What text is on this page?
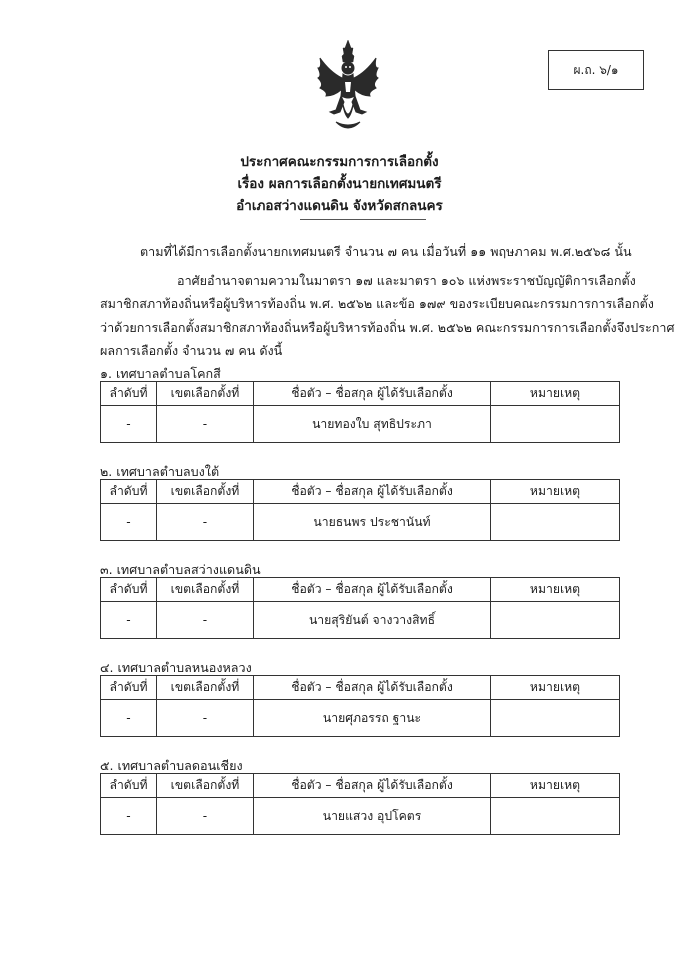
ผ.ถ. ๖/๑
ประกาศคณะกรรมการการเลือกตั้ง
เรื่อง ผลการเลือกตั้งนายกเทศมนตรี
อำเภอสว่างแดนดิน จังหวัดสกลนคร
ตามที่ได้มีการเลือกตั้งนายกเทศมนตรี จำนวน ๗ คน เมื่อวันที่ ๑๑ พฤษภาคม พ.ศ.๒๕๖๘ นั้น
อาศัยอำนาจตามความในมาตรา ๑๗ และมาตรา ๑๐๖ แห่งพระราชบัญญัติการเลือกตั้ง
สมาชิกสภาท้องถิ่นหรือผู้บริหารท้องถิ่น พ.ศ. ๒๕๖๒ และข้อ ๑๗๙ ของระเบียบคณะกรรมการการเลือกตั้ง
ว่าด้วยการเลือกตั้งสมาชิกสภาท้องถิ่นหรือผู้บริหารท้องถิ่น พ.ศ. ๒๕๖๒ คณะกรรมการการเลือกตั้งจึงประกาศ
ผลการเลือกตั้ง จำนวน ๗ คน ดังนี้
๑. เทศบาลตำบลโคกสี
ลำดับที่	เขตเลือกตั้งที่	ชื่อตัว – ชื่อสกุล ผู้ได้รับเลือกตั้ง	หมายเหตุ
-	-	นายทองใบ สุทธิประภา	
๒. เทศบาลตำบลบงใต้
ลำดับที่	เขตเลือกตั้งที่	ชื่อตัว – ชื่อสกุล ผู้ได้รับเลือกตั้ง	หมายเหตุ
-	-	นายธนพร ประชานันท์	
๓. เทศบาลตำบลสว่างแดนดิน
ลำดับที่	เขตเลือกตั้งที่	ชื่อตัว – ชื่อสกุล ผู้ได้รับเลือกตั้ง	หมายเหตุ
-	-	นายสุริยันต์ จางวางสิทธิ์	
๔. เทศบาลตำบลหนองหลวง
ลำดับที่	เขตเลือกตั้งที่	ชื่อตัว – ชื่อสกุล ผู้ได้รับเลือกตั้ง	หมายเหตุ
-	-	นายศุภอรรถ ฐานะ	
๕. เทศบาลตำบลดอนเชียง
ลำดับที่	เขตเลือกตั้งที่	ชื่อตัว – ชื่อสกุล ผู้ได้รับเลือกตั้ง	หมายเหตุ
-	-	นายแสวง อุปโคตร	
